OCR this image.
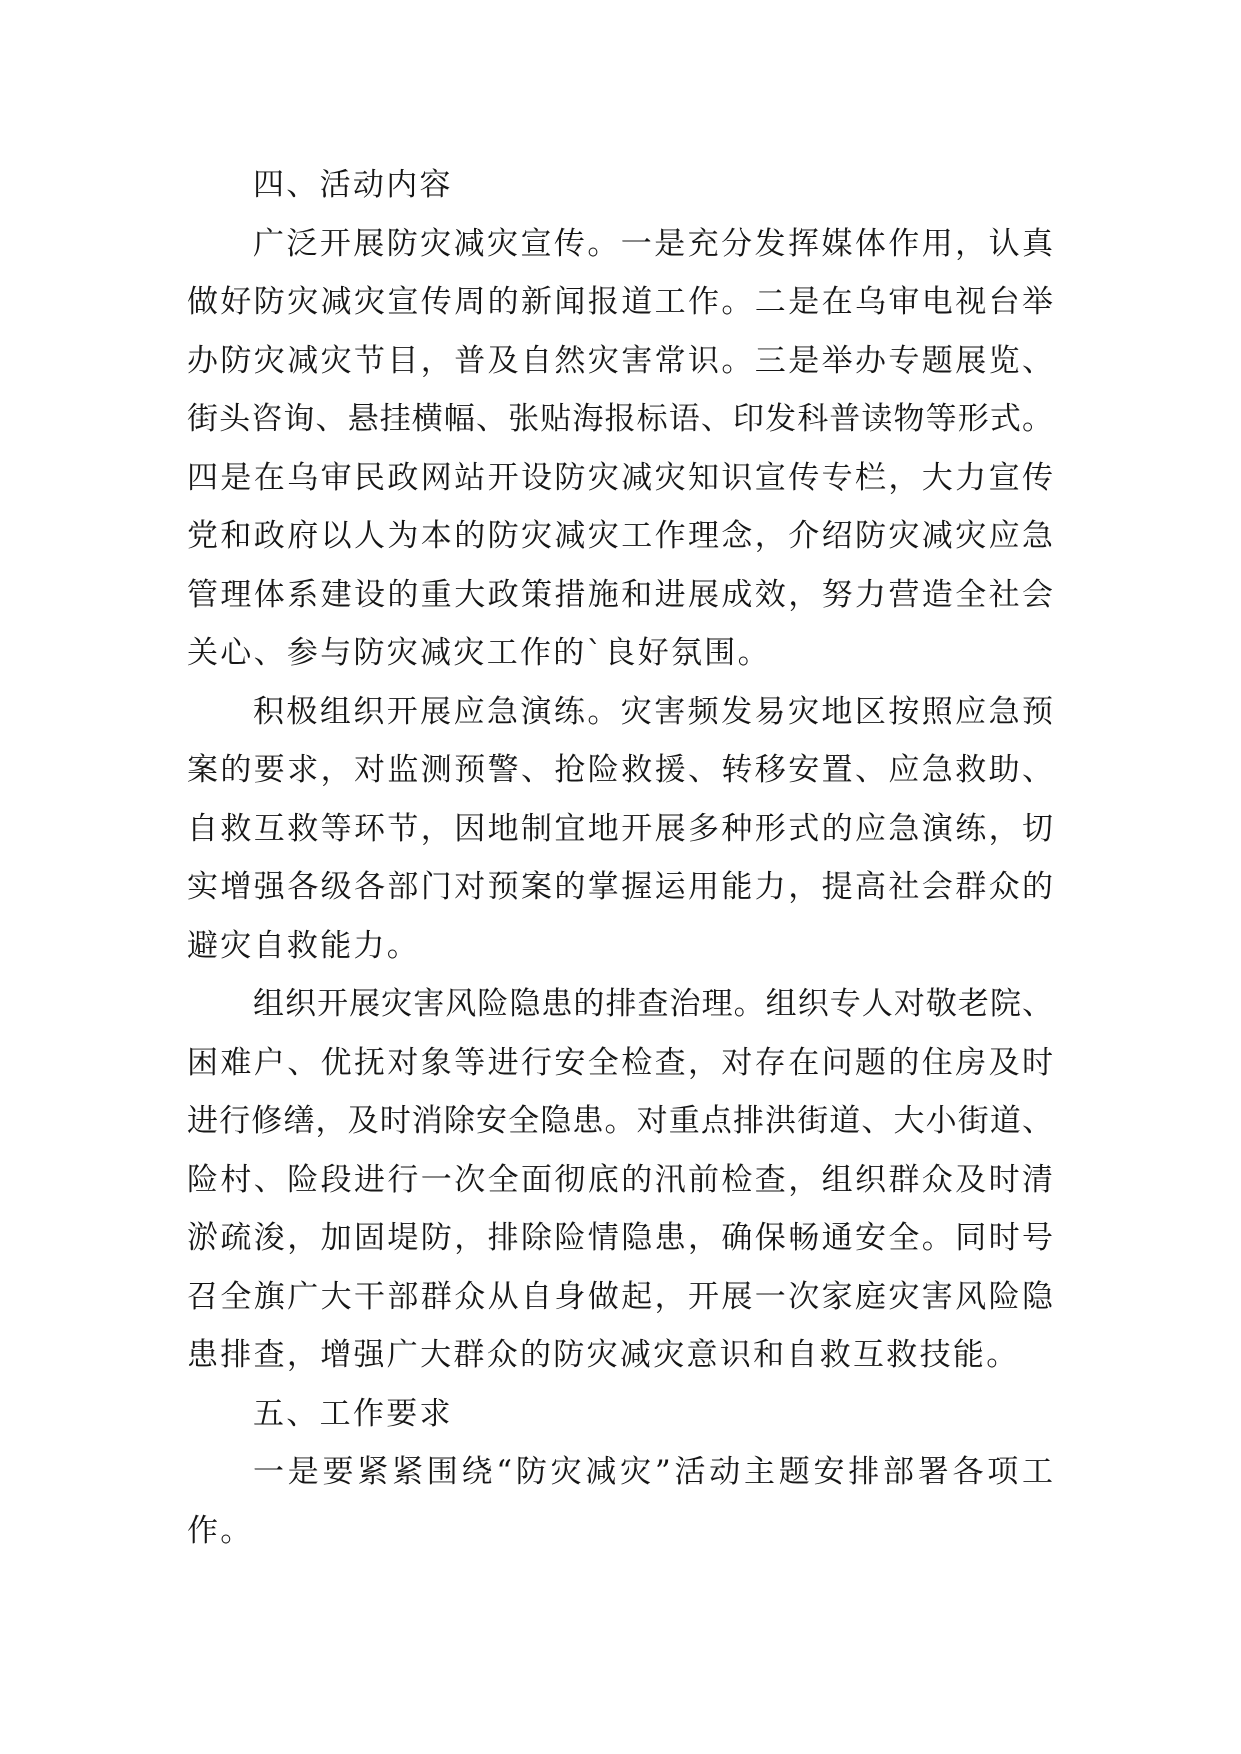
四、活动内容
广泛开展防灾减灾宣传。一是充分发挥媒体作用，认真
做好防灾减灾宣传周的新闻报道工作。二是在乌审电视台举
办防灾减灾节目，普及自然灾害常识。三是举办专题展览、
街头咨询、悬挂横幅、张贴海报标语、印发科普读物等形式。
四是在乌审民政网站开设防灾减灾知识宣传专栏，大力宣传
党和政府以人为本的防灾减灾工作理念，介绍防灾减灾应急
管理体系建设的重大政策措施和进展成效，努力营造全社会
关心、参与防灾减灾工作的`良好氛围。
积极组织开展应急演练。灾害频发易灾地区按照应急预
案的要求，对监测预警、抢险救援、转移安置、应急救助、
自救互救等环节，因地制宜地开展多种形式的应急演练，切
实增强各级各部门对预案的掌握运用能力，提高社会群众的
避灾自救能力。
组织开展灾害风险隐患的排查治理。组织专人对敬老院、
困难户、优抚对象等进行安全检查，对存在问题的住房及时
进行修缮，及时消除安全隐患。对重点排洪街道、大小街道、
险村、险段进行一次全面彻底的汛前检查，组织群众及时清
淤疏浚，加固堤防，排除险情隐患，确保畅通安全。同时号
召全旗广大干部群众从自身做起，开展一次家庭灾害风险隐
患排查，增强广大群众的防灾减灾意识和自救互救技能。
五、工作要求
一是要紧紧围绕“防灾减灾”活动主题安排部署各项工
作。
